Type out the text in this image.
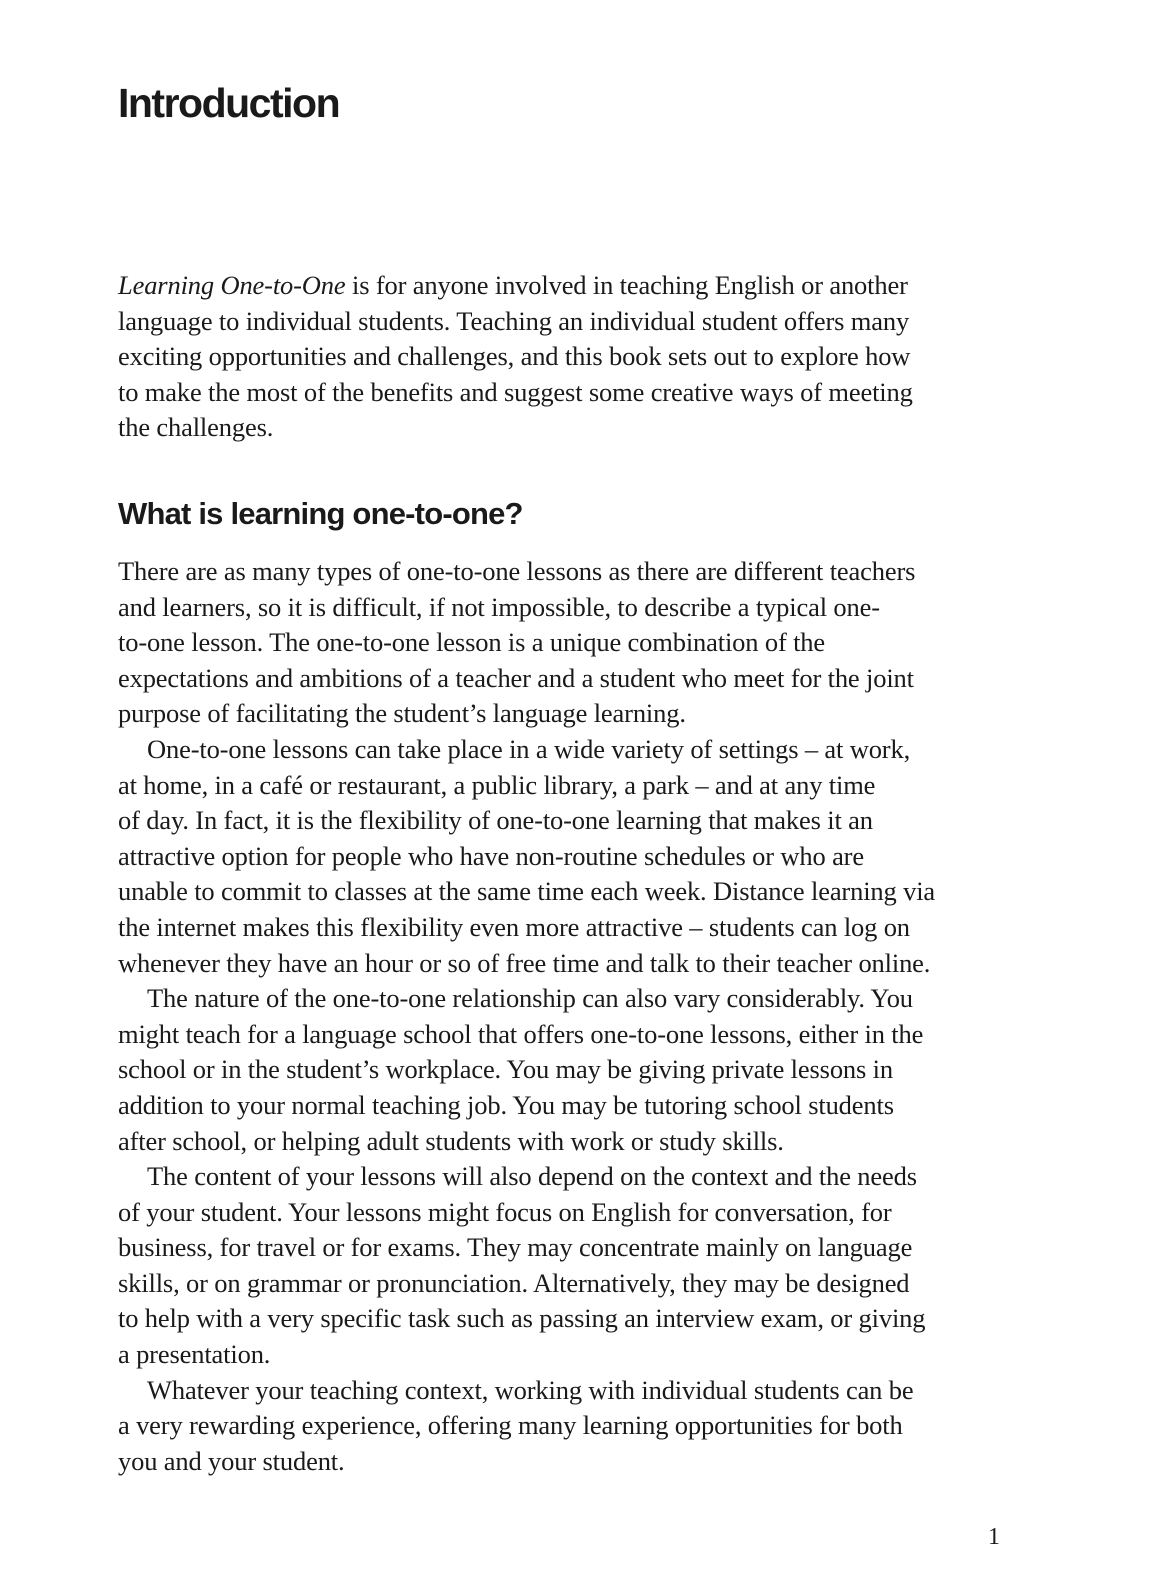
Introduction
Learning One-to-One is for anyone involved in teaching English or another
language to individual students. Teaching an individual student offers many
exciting opportunities and challenges, and this book sets out to explore how
to make the most of the benefits and suggest some creative ways of meeting
the challenges.
What is learning one-to-one?
There are as many types of one-to-one lessons as there are different teachers
and learners, so it is difficult, if not impossible, to describe a typical one-
to-one lesson. The one-to-one lesson is a unique combination of the
expectations and ambitions of a teacher and a student who meet for the joint
purpose of facilitating the student’s language learning.
One-to-one lessons can take place in a wide variety of settings – at work,
at home, in a café or restaurant, a public library, a park – and at any time
of day. In fact, it is the flexibility of one-to-one learning that makes it an
attractive option for people who have non-routine schedules or who are
unable to commit to classes at the same time each week. Distance learning via
the internet makes this flexibility even more attractive – students can log on
whenever they have an hour or so of free time and talk to their teacher online.
The nature of the one-to-one relationship can also vary considerably. You
might teach for a language school that offers one-to-one lessons, either in the
school or in the student’s workplace. You may be giving private lessons in
addition to your normal teaching job. You may be tutoring school students
after school, or helping adult students with work or study skills.
The content of your lessons will also depend on the context and the needs
of your student. Your lessons might focus on English for conversation, for
business, for travel or for exams. They may concentrate mainly on language
skills, or on grammar or pronunciation. Alternatively, they may be designed
to help with a very specific task such as passing an interview exam, or giving
a presentation.
Whatever your teaching context, working with individual students can be
a very rewarding experience, offering many learning opportunities for both
you and your student.
1
